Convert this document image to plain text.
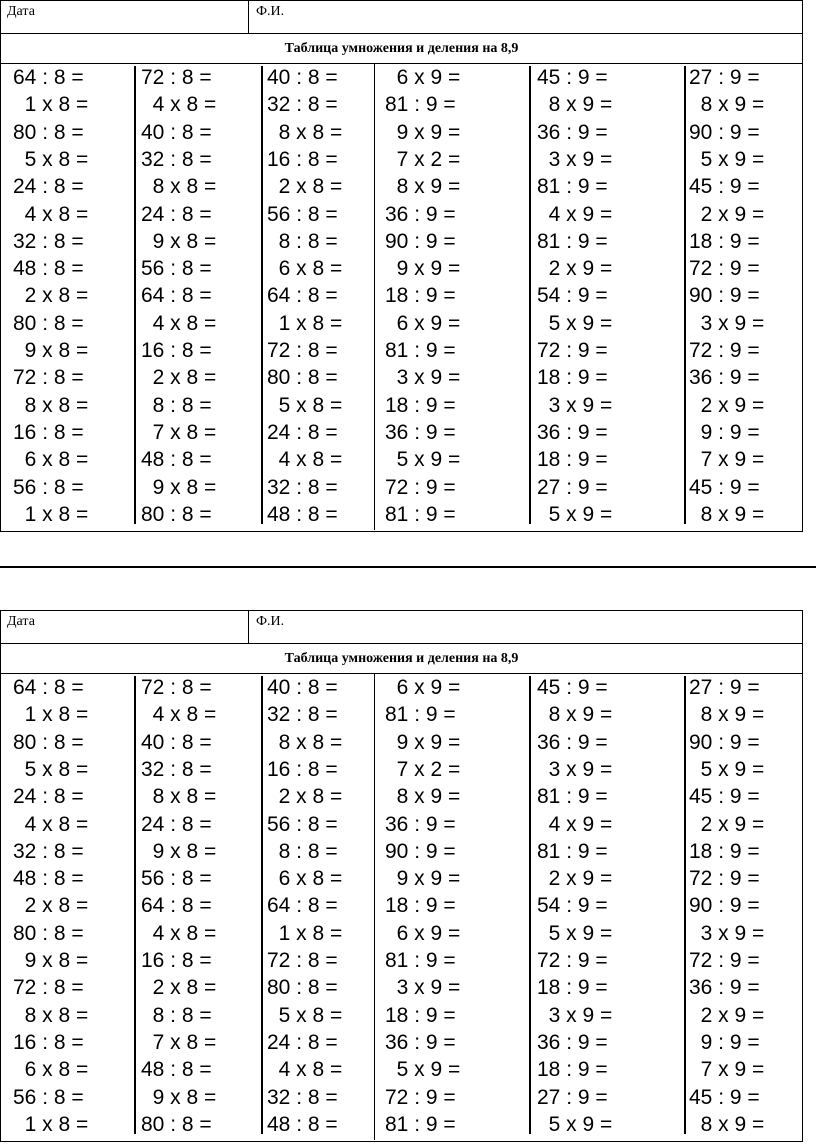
Дата	Ф.И.
Таблица умножения и деления на 8,9
64 : 8 =
1 x 8 =
80 : 8 =
5 x 8 =
24 : 8 =
4 x 8 =
32 : 8 =
48 : 8 =
2 x 8 =
80 : 8 =
9 x 8 =
72 : 8 =
8 x 8 =
16 : 8 =
6 x 8 =
56 : 8 =
1 x 8 =
72 : 8 =
4 x 8 =
40 : 8 =
32 : 8 =
8 x 8 =
24 : 8 =
9 x 8 =
56 : 8 =
64 : 8 =
4 x 8 =
16 : 8 =
2 x 8 =
8 : 8 =
7 x 8 =
48 : 8 =
9 x 8 =
80 : 8 =
40 : 8 =
32 : 8 =
8 x 8 =
16 : 8 =
2 x 8 =
56 : 8 =
8 : 8 =
6 x 8 =
64 : 8 =
1 x 8 =
72 : 8 =
80 : 8 =
5 x 8 =
24 : 8 =
4 x 8 =
32 : 8 =
48 : 8 =
6 x 9 =
81 : 9 =
9 x 9 =
7 x 2 =
8 x 9 =
36 : 9 =
90 : 9 =
9 x 9 =
18 : 9 =
6 x 9 =
81 : 9 =
3 x 9 =
18 : 9 =
36 : 9 =
5 x 9 =
72 : 9 =
81 : 9 =
45 : 9 =
8 x 9 =
36 : 9 =
3 x 9 =
81 : 9 =
4 x 9 =
81 : 9 =
2 x 9 =
54 : 9 =
5 x 9 =
72 : 9 =
18 : 9 =
3 x 9 =
36 : 9 =
18 : 9 =
27 : 9 =
5 x 9 =
27 : 9 =
8 x 9 =
90 : 9 =
5 x 9 =
45 : 9 =
2 x 9 =
18 : 9 =
72 : 9 =
90 : 9 =
3 x 9 =
72 : 9 =
36 : 9 =
2 x 9 =
9 : 9 =
7 x 9 =
45 : 9 =
8 x 9 =
Дата	Ф.И.
Таблица умножения и деления на 8,9
64 : 8 =
1 x 8 =
80 : 8 =
5 x 8 =
24 : 8 =
4 x 8 =
32 : 8 =
48 : 8 =
2 x 8 =
80 : 8 =
9 x 8 =
72 : 8 =
8 x 8 =
16 : 8 =
6 x 8 =
56 : 8 =
1 x 8 =
72 : 8 =
4 x 8 =
40 : 8 =
32 : 8 =
8 x 8 =
24 : 8 =
9 x 8 =
56 : 8 =
64 : 8 =
4 x 8 =
16 : 8 =
2 x 8 =
8 : 8 =
7 x 8 =
48 : 8 =
9 x 8 =
80 : 8 =
40 : 8 =
32 : 8 =
8 x 8 =
16 : 8 =
2 x 8 =
56 : 8 =
8 : 8 =
6 x 8 =
64 : 8 =
1 x 8 =
72 : 8 =
80 : 8 =
5 x 8 =
24 : 8 =
4 x 8 =
32 : 8 =
48 : 8 =
6 x 9 =
81 : 9 =
9 x 9 =
7 x 2 =
8 x 9 =
36 : 9 =
90 : 9 =
9 x 9 =
18 : 9 =
6 x 9 =
81 : 9 =
3 x 9 =
18 : 9 =
36 : 9 =
5 x 9 =
72 : 9 =
81 : 9 =
45 : 9 =
8 x 9 =
36 : 9 =
3 x 9 =
81 : 9 =
4 x 9 =
81 : 9 =
2 x 9 =
54 : 9 =
5 x 9 =
72 : 9 =
18 : 9 =
3 x 9 =
36 : 9 =
18 : 9 =
27 : 9 =
5 x 9 =
27 : 9 =
8 x 9 =
90 : 9 =
5 x 9 =
45 : 9 =
2 x 9 =
18 : 9 =
72 : 9 =
90 : 9 =
3 x 9 =
72 : 9 =
36 : 9 =
2 x 9 =
9 : 9 =
7 x 9 =
45 : 9 =
8 x 9 =
